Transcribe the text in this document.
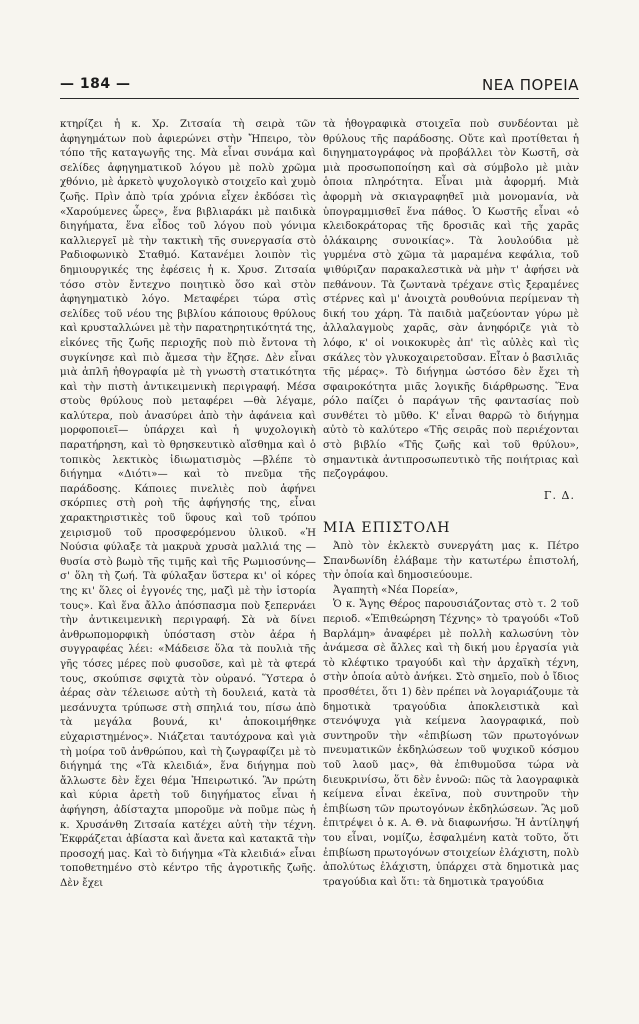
— 184 —	ΝΕΑ ΠΟΡΕΙΑ

κτηρίζει ἡ κ. Χρ. Ζιτσαία τὴ σειρὰ τῶν ἀφηγημάτων ποὺ ἀφιερώνει στὴν Ἤπειρο, τὸν τόπο τῆς καταγωγῆς της. Μὰ εἶναι συνάμα καὶ σελίδες ἀφηγηματικοῦ λόγου μὲ πολὺ χρῶμα χθόνιο, μὲ ἀρκετὸ ψυχολογικὸ στοιχεῖο καὶ χυμὸ ζωῆς. Πρὶν ἀπὸ τρία χρόνια εἶχεν ἐκδόσει τὶς «Χαρούμενες ὧρες», ἕνα βιβλιαράκι μὲ παιδικὰ διηγήματα, ἕνα εἶδος τοῦ λόγου ποὺ γόνιμα καλλιεργεῖ μὲ τὴν τακτικὴ τῆς συνεργασία στὸ Ραδιοφωνικὸ Σταθμό. Κατανέμει λοιπὸν τὶς δημιουργικές της ἐφέσεις ἡ κ. Χρυσ. Ζιτσαία τόσο στὸν ἔντεχνο ποιητικὸ ὅσο καὶ στὸν ἀφηγηματικὸ λόγο. Μεταφέρει τώρα στὶς σελίδες τοῦ νέου της βιβλίου κάποιους θρύλους καὶ κρυσταλλώνει μὲ τὴν παρατηρητικότητά της, εἰκόνες τῆς ζωῆς περιοχῆς ποὺ πιὸ ἔντονα τὴ συγκίνησε καὶ πιὸ ἄμεσα τὴν ἔζησε. Δὲν εἶναι μιὰ ἁπλῆ ἠθογραφία μὲ τὴ γνωστὴ στατικότητα καὶ τὴν πιστὴ ἀντικειμενικὴ περιγραφή. Μέσα στοὺς θρύλους ποὺ μεταφέρει —θὰ λέγαμε, καλύτερα, ποὺ ἀνασύρει ἀπὸ τὴν ἀφάνεια καὶ μορφοποιεῖ— ὑπάρχει καὶ ἡ ψυχολογικὴ παρατήρηση, καὶ τὸ θρησκευτικὸ αἴσθημα καὶ ὁ τοπικὸς λεκτικὸς ἰδιωματισμὸς —βλέπε τὸ διήγημα «Διότι»— καὶ τὸ πνεῦμα τῆς παράδοσης. Κάποιες πινελιὲς ποὺ ἀφήνει σκόρπιες στὴ ροὴ τῆς ἀφήγησής της, εἶναι χαρακτηριστικὲς τοῦ ὕφους καὶ τοῦ τρόπου χειρισμοῦ τοῦ προσφερόμενου ὑλικοῦ. «Ἡ Νούσια φύλαξε τὰ μακρυὰ χρυσὰ μαλλιά της —θυσία στὸ βωμὸ τῆς τιμῆς καὶ τῆς Ρωμιοσύνης— σ' ὅλη τὴ ζωή. Τὰ φύλαξαν ὕστερα κι' οἱ κόρες της κι' ὅλες οἱ ἐγγονές της, μαζὶ μὲ τὴν ἱστορία τους». Καὶ ἕνα ἄλλο ἀπόσπασμα ποὺ ξεπερνάει τὴν ἀντικειμενικὴ περιγραφή. Σὰ νὰ δίνει ἀνθρωπομορφικὴ ὑπόσταση στὸν ἀέρα ἡ συγγραφέας λέει: «Μάδεισε ὅλα τὰ πουλιὰ τῆς γῆς τόσες μέρες ποὺ φυσοῦσε, καὶ μὲ τὰ φτερά τους, σκούπισε σφιχτὰ τὸν οὐρανό. Ὕστερα ὁ ἀέρας σὰν τέλειωσε αὐτὴ τὴ δουλειά, κατὰ τὰ μεσάνυχτα τρύπωσε στὴ σπηλιά του, πίσω ἀπὸ τὰ μεγάλα βουνά, κι' ἀποκοιμήθηκε εὐχαριστημένος». Νιάζεται ταυτόχρονα καὶ γιὰ τὴ μοίρα τοῦ ἀνθρώπου, καὶ τὴ ζωγραφίζει μὲ τὸ διήγημά της «Τὰ κλειδιά», ἕνα διήγημα ποὺ ἄλλωστε δὲν ἔχει θέμα Ἠπειρωτικό. Ἂν πρώτη καὶ κύρια ἀρετὴ τοῦ διηγήματος εἶναι ἡ ἀφήγηση, ἀδίσταχτα μποροῦμε νὰ ποῦμε πὼς ἡ κ. Χρυσάνθη Ζιτσαία κατέχει αὐτὴ τὴν τέχνη. Ἐκφράζεται ἀβίαστα καὶ ἄνετα καὶ κατακτᾶ τὴν προσοχή μας. Καὶ τὸ διήγημα «Τὰ κλειδιά» εἶναι τοποθετημένο στὸ κέντρο τῆς ἀγροτικῆς ζωῆς. Δὲν ἔχει

τὰ ἠθογραφικὰ στοιχεῖα ποὺ συνδέονται μὲ θρύλους τῆς παράδοσης. Οὔτε καὶ προτίθεται ἡ διηγηματογράφος νὰ προβάλλει τὸν Κωστῆ, σὰ μιὰ προσωποποίηση καὶ σὰ σύμβολο μὲ μιὰν ὁποια πληρότητα. Εἶναι μιὰ ἀφορμή. Μιὰ ἀφορμὴ νὰ σκιαγραφηθεῖ μιὰ μονομανία, νὰ ὑπογραμμισθεῖ ἕνα πάθος. Ὁ Κωστῆς εἶναι «ὁ κλειδοκράτορας τῆς δροσιᾶς καὶ τῆς χαρᾶς ὁλάκαιρης συνοικίας». Τὰ λουλούδια μὲ γυρμένα στὸ χῶμα τὰ μαραμένα κεφάλια, τοῦ ψιθύριζαν παρακαλεστικὰ νὰ μὴν τ' ἀφήσει νὰ πεθάνουν. Τὰ ζωντανὰ τρέχανε στὶς ξεραμένες στέρνες καὶ μ' ἀνοιχτὰ ρουθούνια περίμεναν τὴ δική του χάρη. Τὰ παιδιὰ μαζεύονταν γύρω μὲ ἀλλαλαγμοὺς χαρᾶς, σὰν ἀνηφόριζε γιὰ τὸ λόφο, κ' οἱ νοικοκυρὲς ἀπ' τὶς αὐλὲς καὶ τὶς σκάλες τὸν γλυκοχαιρετοῦσαν. Εἶταν ὁ βασιλιᾶς τῆς μέρας». Τὸ διήγημα ὡστόσο δὲν ἔχει τὴ σφαιροκότητα μιᾶς λογικῆς διάρθρωσης. Ἕνα ρόλο παίζει ὁ παράγων τῆς φαντασίας ποὺ συνθέτει τὸ μῦθο. Κ' εἶναι θαρρῶ τὸ διήγημα αὐτὸ τὸ καλύτερο «Τῆς σειρᾶς ποὺ περιέχονται στὸ βιβλίο «Τῆς ζωῆς καὶ τοῦ θρύλου», σημαντικὰ ἀντιπροσωπευτικὸ τῆς ποιήτριας καὶ πεζογράφου.

Γ. Δ.
ΜΙΑ ΕΠΙΣΤΟΛΗ

Ἀπὸ τὸν ἐκλεκτὸ συνεργάτη μας κ. Πέτρο Σπανδωνίδη ἐλάβαμε τὴν κατωτέρω ἐπιστολή, τὴν ὁποία καὶ δημοσιεύουμε.

Ἀγαπητὴ «Νέα Πορεία»,

Ὁ κ. Ἄγης Θέρος παρουσιάζοντας στὸ τ. 2 τοῦ περιοδ. «Ἐπιθεώρηση Τέχνης» τὸ τραγούδι «Τοῦ Βαρλάμη» ἀναφέρει μὲ πολλὴ καλωσύνη τὸν ἀνάμεσα σὲ ἄλλες καὶ τὴ δική μου ἐργασία γιὰ τὸ κλέφτικο τραγούδι καὶ τὴν ἀρχαϊκὴ τέχνη, στὴν ὁποία αὐτὸ ἀνήκει. Στὸ σημεῖο, ποὺ ὁ ἴδιος προσθέτει, ὅτι 1) δὲν πρέπει νὰ λογαριάζουμε τὰ δημοτικὰ τραγούδια ἀποκλειστικὰ καὶ στενόψυχα γιὰ κείμενα λαογραφικά, ποὺ συντηροῦν τὴν «ἐπιβίωση τῶν πρωτογόνων πνευματικῶν ἐκδηλώσεων τοῦ ψυχικοῦ κόσμου τοῦ λαοῦ μας», θὰ ἐπιθυμοῦσα τώρα νὰ διευκρινίσω, ὅτι δὲν ἐννοῶ: πῶς τὰ λαογραφικὰ κείμενα εἶναι ἐκεῖνα, ποὺ συντηροῦν τὴν ἐπιβίωση τῶν πρωτογόνων ἐκδηλώσεων. Ἂς μοῦ ἐπιτρέψει ὁ κ. Α. Θ. νὰ διαφωνήσω. Ἡ ἀντίληψή του εἶναι, νομίζω, ἐσφαλμένη κατὰ τοῦτο, ὅτι ἐπιβίωση πρωτογόνων στοιχείων ἐλάχιστη, πολὺ ἀπολύτως ἐλάχιστη, ὑπάρχει στὰ δημοτικὰ μας τραγούδια καὶ ὅτι: τὰ δημοτικὰ τραγούδια
